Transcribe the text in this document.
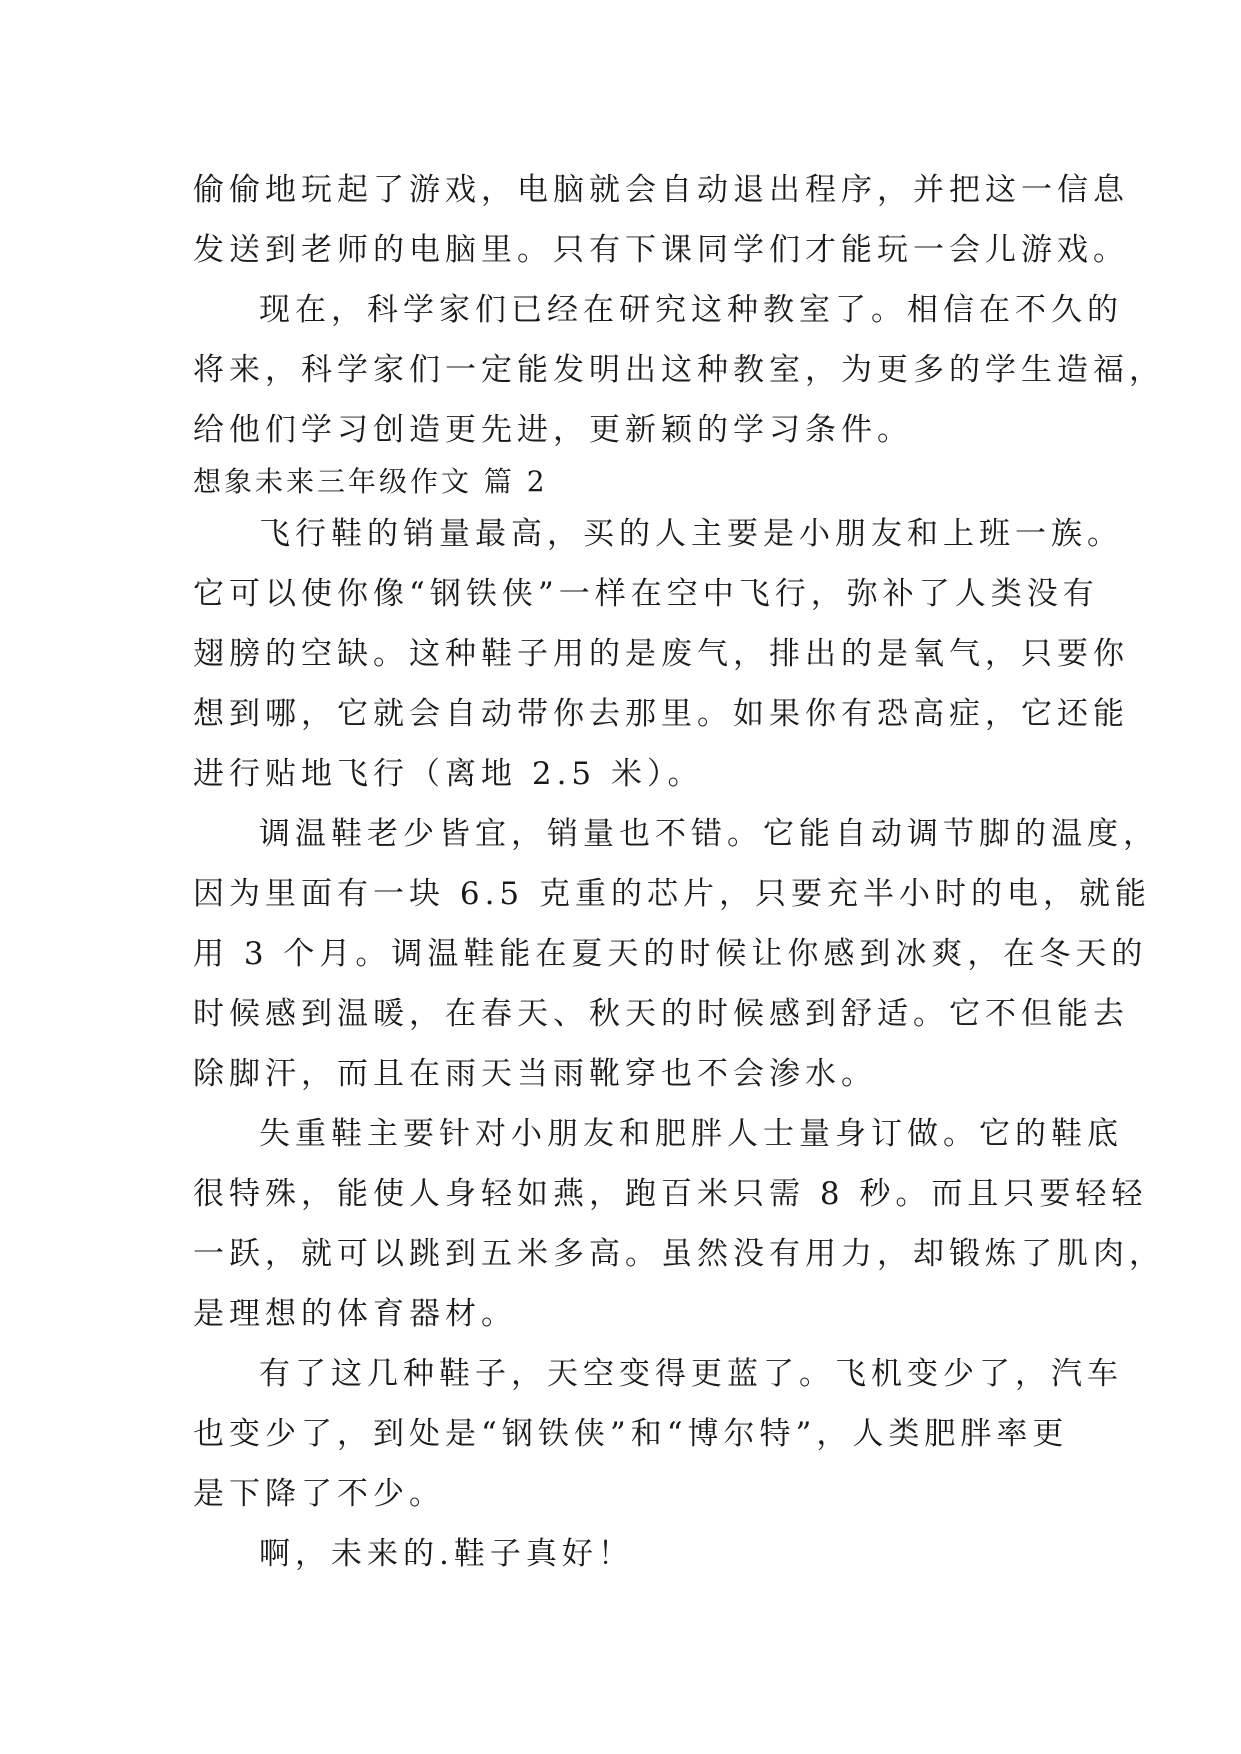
偷偷地玩起了游戏，电脑就会自动退出程序，并把这一信息
发送到老师的电脑里。只有下课同学们才能玩一会儿游戏。
现在，科学家们已经在研究这种教室了。相信在不久的
将来，科学家们一定能发明出这种教室，为更多的学生造福，
给他们学习创造更先进，更新颖的学习条件。
想象未来三年级作文 篇 2
飞行鞋的销量最高，买的人主要是小朋友和上班一族。
它可以使你像“钢铁侠”一样在空中飞行，弥补了人类没有
翅膀的空缺。这种鞋子用的是废气，排出的是氧气，只要你
想到哪，它就会自动带你去那里。如果你有恐高症，它还能
进行贴地飞行（离地 2.5 米）。
调温鞋老少皆宜，销量也不错。它能自动调节脚的温度，
因为里面有一块 6.5 克重的芯片，只要充半小时的电，就能
用 3 个月。调温鞋能在夏天的时候让你感到冰爽，在冬天的
时候感到温暖，在春天、秋天的时候感到舒适。它不但能去
除脚汗，而且在雨天当雨靴穿也不会渗水。
失重鞋主要针对小朋友和肥胖人士量身订做。它的鞋底
很特殊，能使人身轻如燕，跑百米只需 8 秒。而且只要轻轻
一跃，就可以跳到五米多高。虽然没有用力，却锻炼了肌肉，
是理想的体育器材。
有了这几种鞋子，天空变得更蓝了。飞机变少了，汽车
也变少了，到处是“钢铁侠”和“博尔特”，人类肥胖率更
是下降了不少。
啊，未来的.鞋子真好！
